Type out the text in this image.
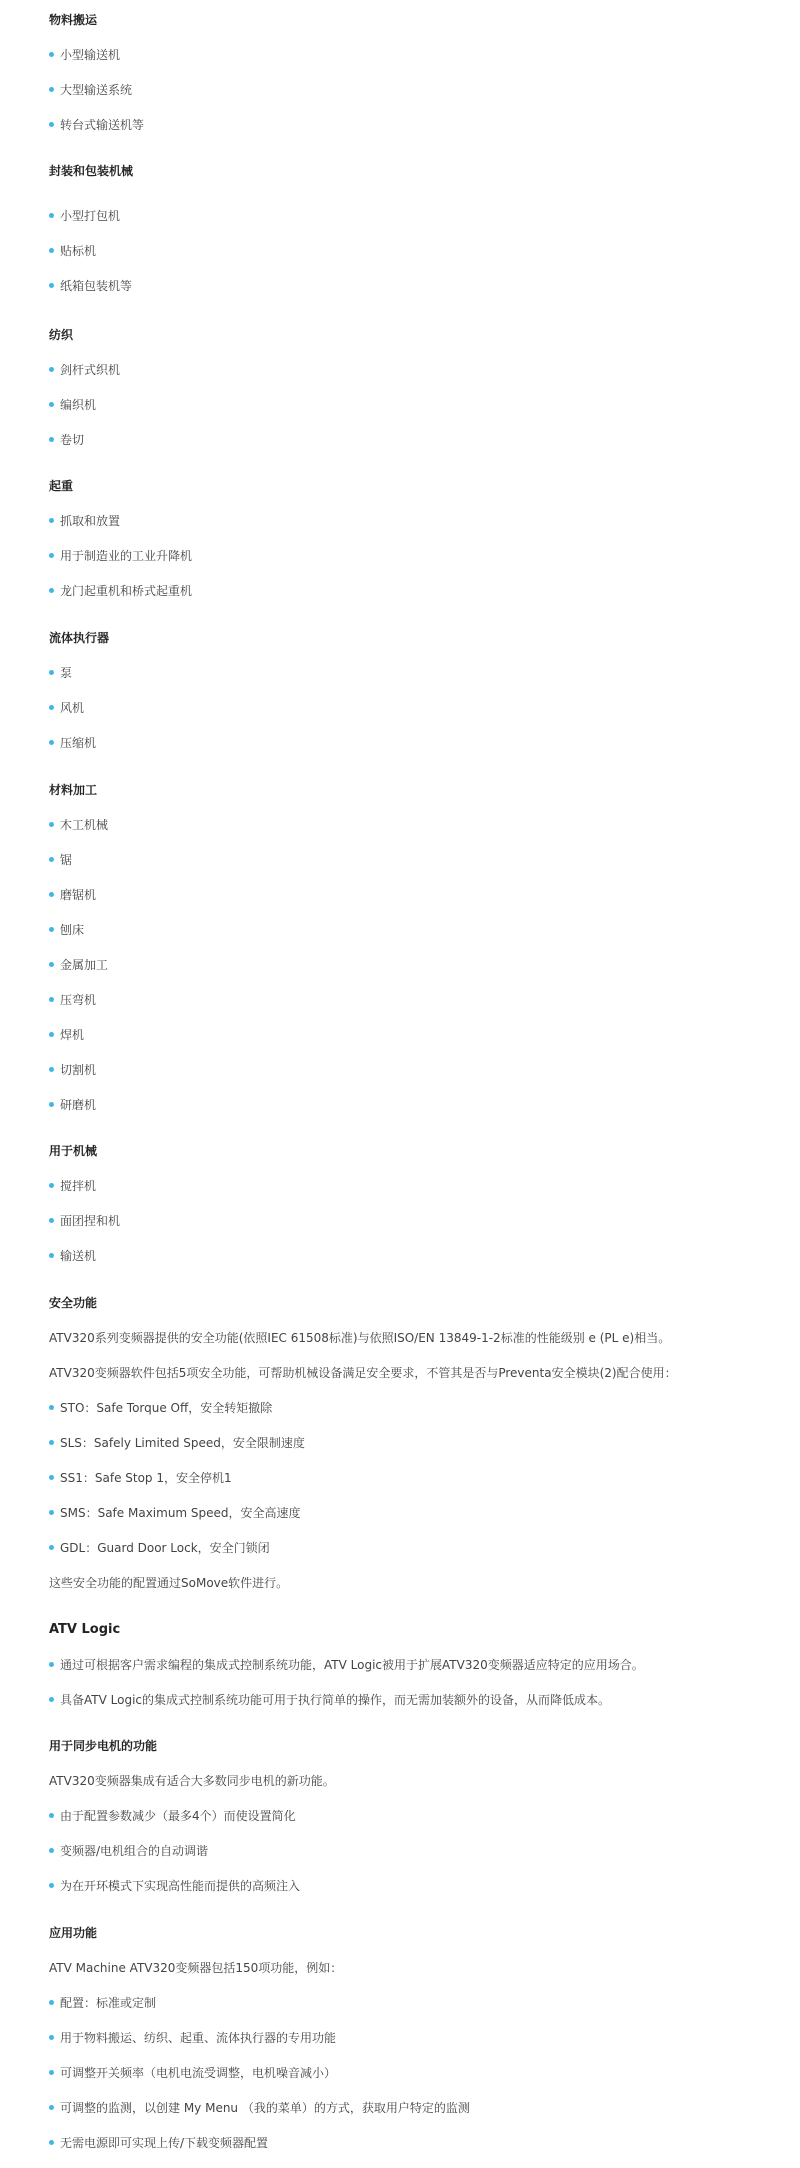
物料搬运
小型输送机
大型输送系统
转台式输送机等
封装和包装机械
小型打包机
贴标机
纸箱包装机等
纺织
剑杆式织机
编织机
卷切
起重
抓取和放置
用于制造业的工业升降机
龙门起重机和桥式起重机
流体执行器
泵
风机
压缩机
材料加工
木工机械
锯
磨锯机
刨床
金属加工
压弯机
焊机
切割机
研磨机
用于机械
搅拌机
面团捏和机
输送机
安全功能
ATV320系列变频器提供的安全功能(依照IEC 61508标准)与依照ISO/EN 13849-1-2标准的性能级别 e (PL e)相当。
ATV320变频器软件包括5项安全功能，可帮助机械设备满足安全要求，不管其是否与Preventa安全模块(2)配合使用：
STO：Safe Torque Off，安全转矩撤除
SLS：Safely Limited Speed，安全限制速度
SS1：Safe Stop 1，安全停机1
SMS：Safe Maximum Speed，安全高速度
GDL：Guard Door Lock，安全门锁闭
这些安全功能的配置通过SoMove软件进行。
ATV Logic
通过可根据客户需求编程的集成式控制系统功能，ATV Logic被用于扩展ATV320变频器适应特定的应用场合。
具备ATV Logic的集成式控制系统功能可用于执行简单的操作，而无需加装额外的设备，从而降低成本。
用于同步电机的功能
ATV320变频器集成有适合大多数同步电机的新功能。
由于配置参数减少（最多4个）而使设置简化
变频器/电机组合的自动调谐
为在开环模式下实现高性能而提供的高频注入
应用功能
ATV Machine ATV320变频器包括150项功能，例如：
配置：标准或定制
用于物料搬运、纺织、起重、流体执行器的专用功能
可调整开关频率（电机电流受调整，电机噪音减小）
可调整的监测，以创建 My Menu （我的菜单）的方式，获取用户特定的监测
无需电源即可实现上传/下载变频器配置
